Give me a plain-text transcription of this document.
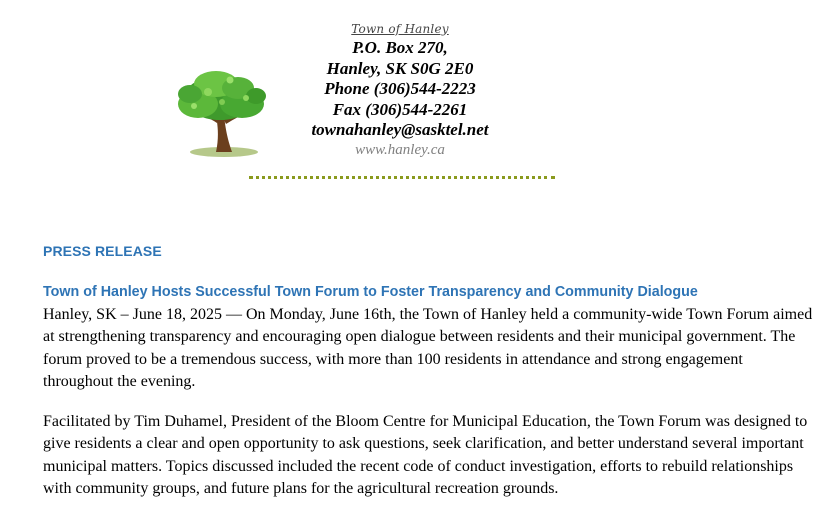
Town of Hanley
P.O. Box 270,
Hanley, SK S0G 2E0
Phone (306)544-2223
Fax (306)544-2261
townahanley@sasktel.net
www.hanley.ca
PRESS RELEASE
Town of Hanley Hosts Successful Town Forum to Foster Transparency and Community Dialogue
Hanley, SK – June 18, 2025 — On Monday, June 16th, the Town of Hanley held a community-wide Town Forum aimed at strengthening transparency and encouraging open dialogue between residents and their municipal government. The forum proved to be a tremendous success, with more than 100 residents in attendance and strong engagement throughout the evening.
Facilitated by Tim Duhamel, President of the Bloom Centre for Municipal Education, the Town Forum was designed to give residents a clear and open opportunity to ask questions, seek clarification, and better understand several important municipal matters. Topics discussed included the recent code of conduct investigation, efforts to rebuild relationships with community groups, and future plans for the agricultural recreation grounds.
